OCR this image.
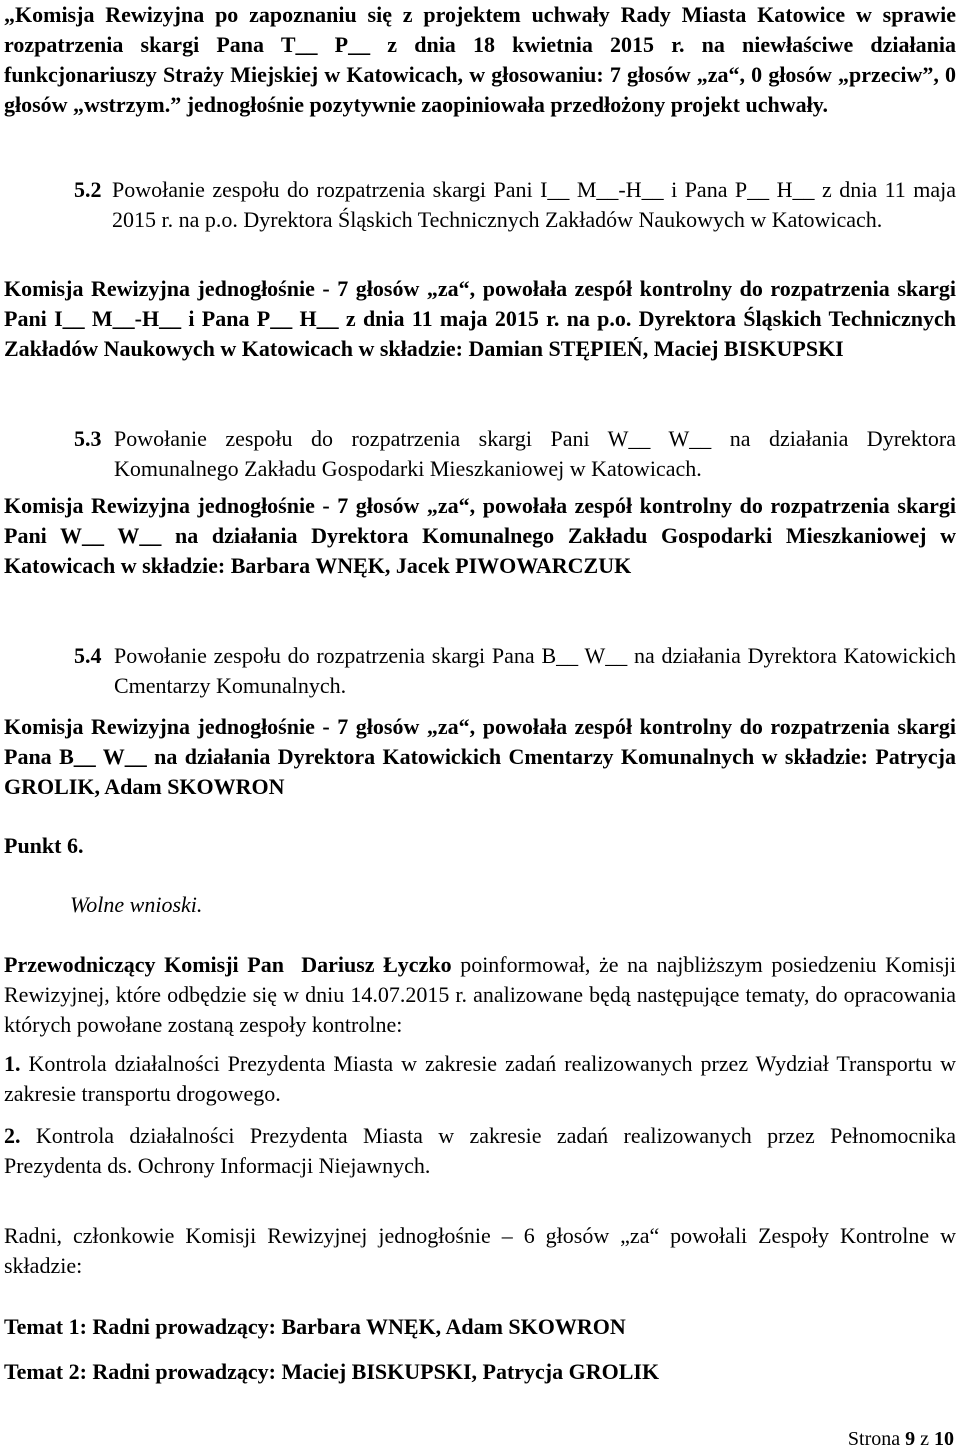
„Komisja Rewizyjna po zapoznaniu się z projektem uchwały Rady Miasta Katowice w sprawie rozpatrzenia skargi Pana T__ P__ z dnia 18 kwietnia 2015 r. na niewłaściwe działania funkcjonariuszy Straży Miejskiej w Katowicach, w głosowaniu: 7 głosów „za“, 0 głosów „przeciw”, 0 głosów „wstrzym.” jednogłośnie pozytywnie zaopiniowała przedłożony projekt uchwały.

5.2 Powołanie zespołu do rozpatrzenia skargi Pani I__ M__-H__ i Pana P__ H__ z dnia 11 maja 2015 r. na p.o. Dyrektora Śląskich Technicznych Zakładów Naukowych w Katowicach.

Komisja Rewizyjna jednogłośnie - 7 głosów „za“, powołała zespół kontrolny do rozpatrzenia skargi Pani I__ M__-H__ i Pana P__ H__ z dnia 11 maja 2015 r. na p.o. Dyrektora Śląskich Technicznych Zakładów Naukowych w Katowicach w składzie: Damian STĘPIEŃ, Maciej BISKUPSKI

5.3 Powołanie zespołu do rozpatrzenia skargi Pani W__ W__ na działania Dyrektora Komunalnego Zakładu Gospodarki Mieszkaniowej w Katowicach.

Komisja Rewizyjna jednogłośnie - 7 głosów „za“, powołała zespół kontrolny do rozpatrzenia skargi Pani W__ W__ na działania Dyrektora Komunalnego Zakładu Gospodarki Mieszkaniowej w Katowicach w składzie: Barbara WNĘK, Jacek PIWOWARCZUK

5.4 Powołanie zespołu do rozpatrzenia skargi Pana B__ W__ na działania Dyrektora Katowickich Cmentarzy Komunalnych.

Komisja Rewizyjna jednogłośnie - 7 głosów „za“, powołała zespół kontrolny do rozpatrzenia skargi Pana B__ W__ na działania Dyrektora Katowickich Cmentarzy Komunalnych w składzie: Patrycja GROLIK, Adam SKOWRON

Punkt 6.
Wolne wnioski.

Przewodniczący Komisji Pan  Dariusz Łyczko poinformował, że na najbliższym posiedzeniu Komisji Rewizyjnej, które odbędzie się w dniu 14.07.2015 r. analizowane będą następujące tematy, do opracowania których powołane zostaną zespoły kontrolne:

1. Kontrola działalności Prezydenta Miasta w zakresie zadań realizowanych przez Wydział Transportu w zakresie transportu drogowego.

2. Kontrola działalności Prezydenta Miasta w zakresie zadań realizowanych przez Pełnomocnika Prezydenta ds. Ochrony Informacji Niejawnych.

Radni, członkowie Komisji Rewizyjnej jednogłośnie – 6 głosów „za“ powołali Zespoły Kontrolne w składzie:

Temat 1: Radni prowadzący: Barbara WNĘK, Adam SKOWRON
Temat 2: Radni prowadzący: Maciej BISKUPSKI, Patrycja GROLIK
Strona 9 z 10
